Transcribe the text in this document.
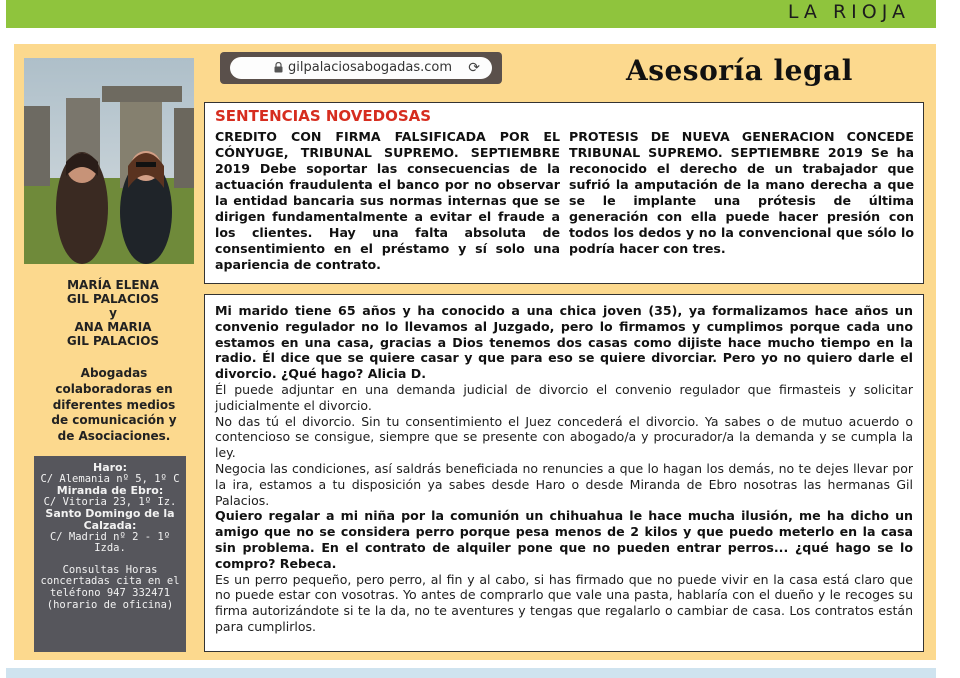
LA RIOJA
MARÍA ELENA
GIL PALACIOS
y
ANA MARIA
GIL PALACIOS
Abogadas colaboradoras en diferentes medios de comunicación y de Asociaciones.
Haro:
C/ Alemania nº 5, 1º C
Miranda de Ebro:
C/ Vitoria 23, 1º Iz.
Santo Domingo de la Calzada:
C/ Madrid nº 2 - 1º Izda.
Consultas Horas concertadas cita en el teléfono 947 332471 (horario de oficina)
gilpalaciosabogadas.com ⟳	Asesoría legal
SENTENCIAS NOVEDOSAS
CREDITO CON FIRMA FALSIFICADA POR EL CÓNYUGE, TRIBUNAL SUPREMO. SEPTIEMBRE 2019 Debe soportar las consecuencias de la actuación fraudulenta el banco por no observar la entidad bancaria sus normas internas que se dirigen fundamentalmente a evitar el fraude a los clientes. Hay una falta absoluta de consentimiento en el préstamo y sí solo una apariencia de contrato.
PROTESIS DE NUEVA GENERACION CONCEDE TRIBUNAL SUPREMO. SEPTIEMBRE 2019 Se ha reconocido el derecho de un trabajador que sufrió la amputación de la mano derecha a que se le implante una prótesis de última generación con ella puede hacer presión con todos los dedos y no la convencional que sólo lo podría hacer con tres.
Mi marido tiene 65 años y ha conocido a una chica joven (35), ya formalizamos hace años un convenio regulador no lo llevamos al Juzgado, pero lo firmamos y cumplimos porque cada uno estamos en una casa, gracias a Dios tenemos dos casas como dijiste hace mucho tiempo en la radio. Él dice que se quiere casar y que para eso se quiere divorciar. Pero yo no quiero darle el divorcio. ¿Qué hago? Alicia D.
Él puede adjuntar en una demanda judicial de divorcio el convenio regulador que firmasteis y solicitar judicialmente el divorcio.
No das tú el divorcio. Sin tu consentimiento el Juez concederá el divorcio. Ya sabes o de mutuo acuerdo o contencioso se consigue, siempre que se presente con abogado/a y procurador/a la demanda y se cumpla la ley.
Negocia las condiciones, así saldrás beneficiada no renuncies a que lo hagan los demás, no te dejes llevar por la ira, estamos a tu disposición ya sabes desde Haro o desde Miranda de Ebro nosotras las hermanas Gil Palacios.
Quiero regalar a mi niña por la comunión un chihuahua le hace mucha ilusión, me ha dicho un amigo que no se considera perro porque pesa menos de 2 kilos y que puedo meterlo en la casa sin problema. En el contrato de alquiler pone que no pueden entrar perros... ¿qué hago se lo compro? Rebeca.
Es un perro pequeño, pero perro, al fin y al cabo, si has firmado que no puede vivir en la casa está claro que no puede estar con vosotras. Yo antes de comprarlo que vale una pasta, hablaría con el dueño y le recoges su firma autorizándote si te la da, no te aventures y tengas que regalarlo o cambiar de casa. Los contratos están para cumplirlos.
